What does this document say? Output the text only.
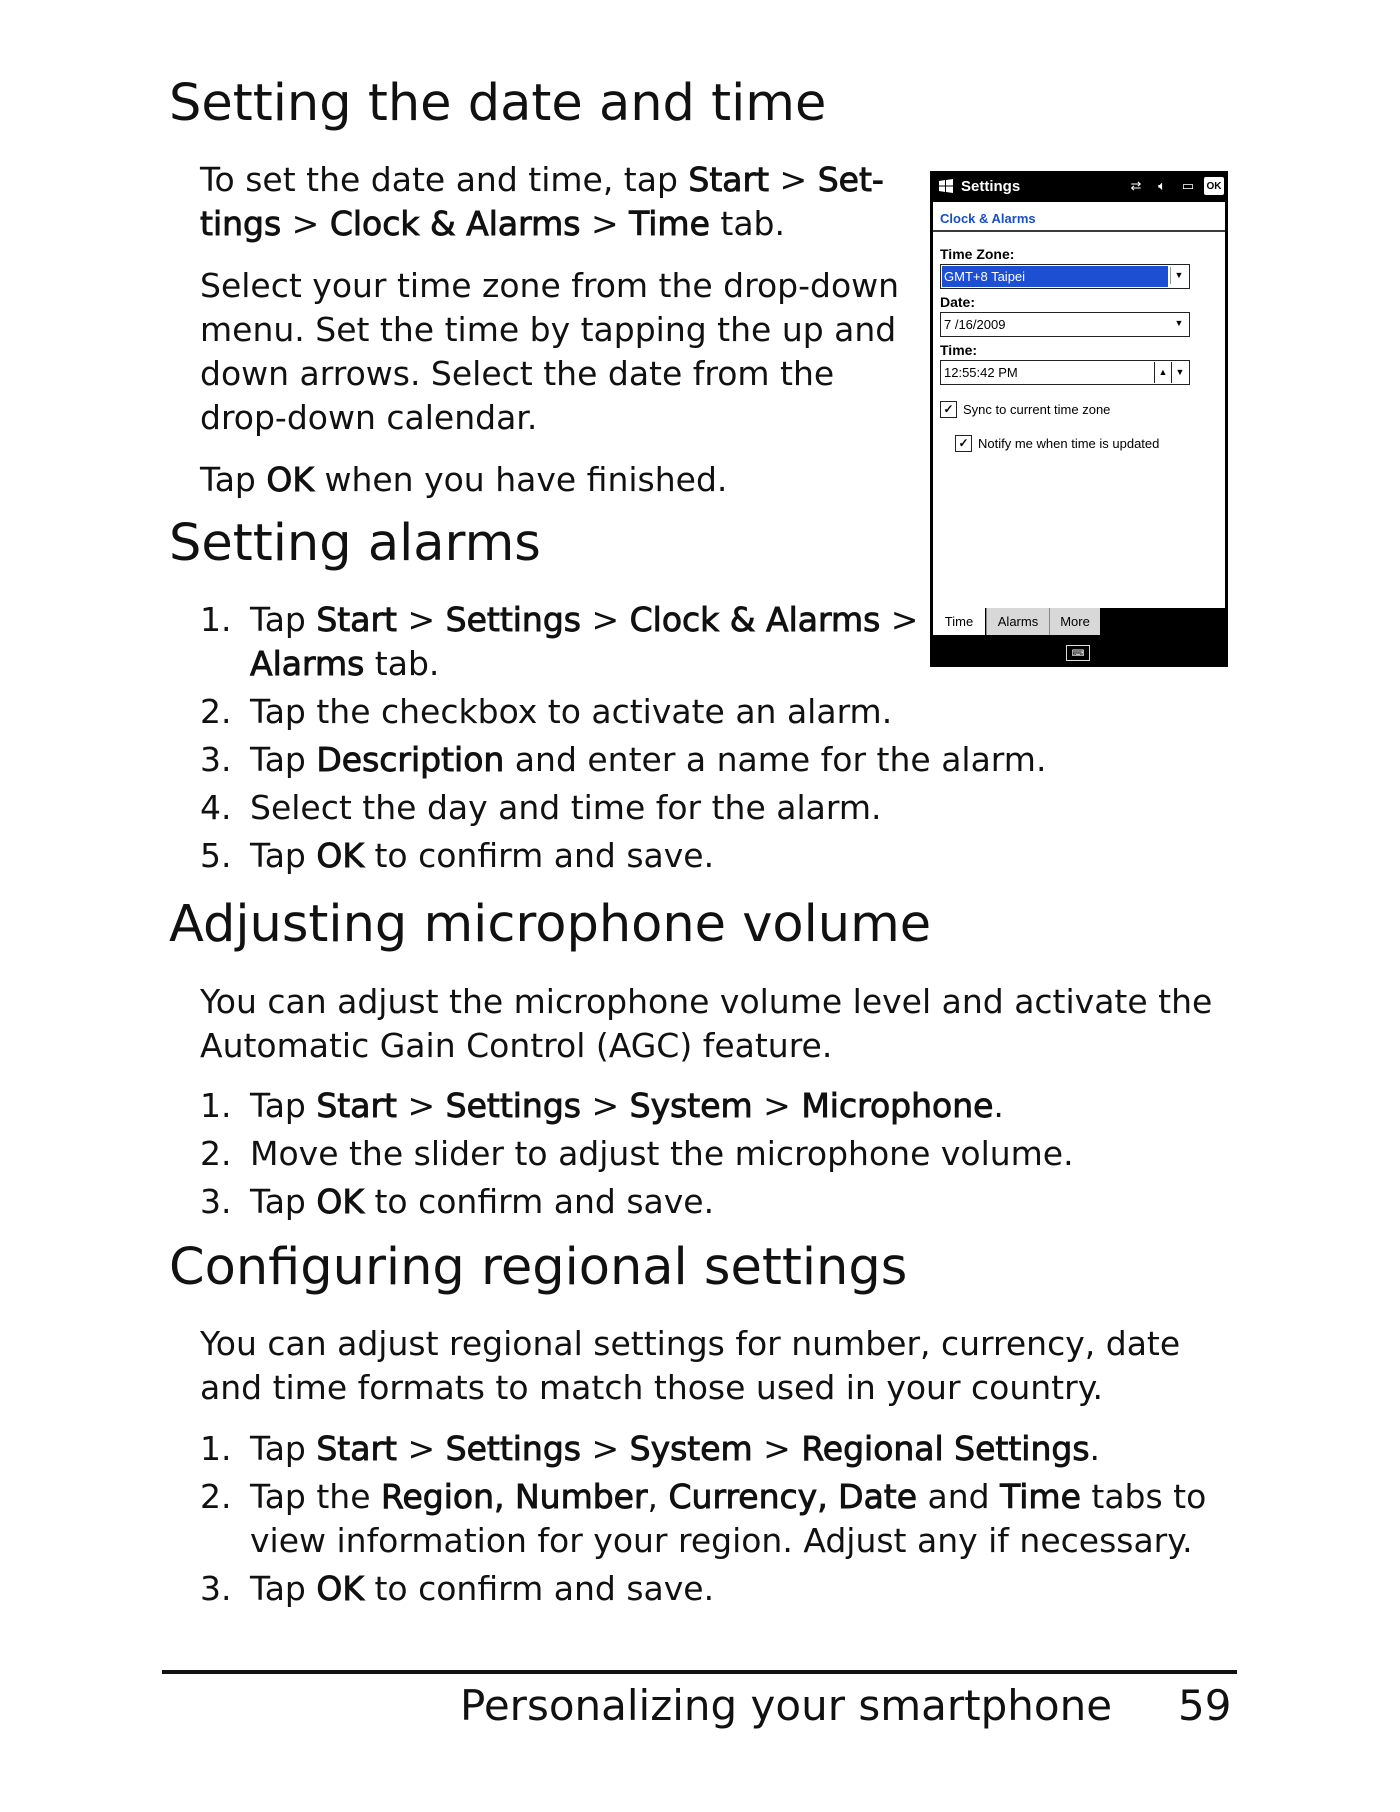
Setting the date and time

To set the date and time, tap Start > Set-
tings > Clock & Alarms > Time tab.

Select your time zone from the drop-down
menu. Set the time by tapping the up and
down arrows. Select the date from the
drop-down calendar.

Tap OK when you have finished.

Settings	⇄	🔈︎	▭	OK
Clock & Alarms
Time Zone:
GMT+8 Taipei	▼
Date:
7 /16/2009	▼
Time:
12:55:42 PM	▲ ▼
✓ Sync to current time zone
✓ Notify me when time is updated
Time	Alarms	More
⌨
Setting alarms
1. Tap Start > Settings > Clock & Alarms >
Alarms tab.
2. Tap the checkbox to activate an alarm.
3. Tap Description and enter a name for the alarm.
4. Select the day and time for the alarm.
5. Tap OK to confirm and save.
Adjusting microphone volume

You can adjust the microphone volume level and activate the
Automatic Gain Control (AGC) feature.

1. Tap Start > Settings > System > Microphone.
2. Move the slider to adjust the microphone volume.
3. Tap OK to confirm and save.
Configuring regional settings

You can adjust regional settings for number, currency, date
and time formats to match those used in your country.

1. Tap Start > Settings > System > Regional Settings.
2. Tap the Region, Number, Currency, Date and Time tabs to
view information for your region. Adjust any if necessary.
3. Tap OK to confirm and save.
Personalizing your smartphone 59
